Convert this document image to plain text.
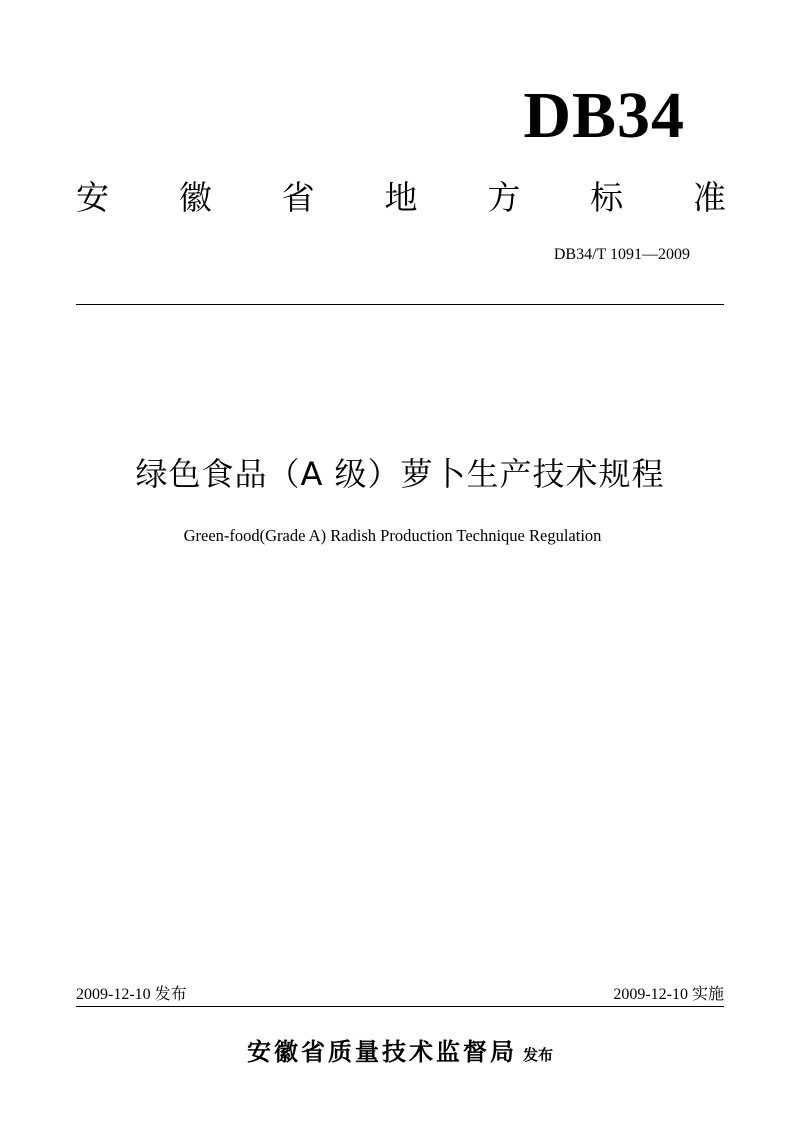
DB34
安 徽 省 地 方 标 准
DB34/T 1091—2009
绿色食品（A 级）萝卜生产技术规程
Green-food(Grade A) Radish Production Technique Regulation
2009-12-10 发布	2009-12-10 实施
安徽省质量技术监督局 发布
